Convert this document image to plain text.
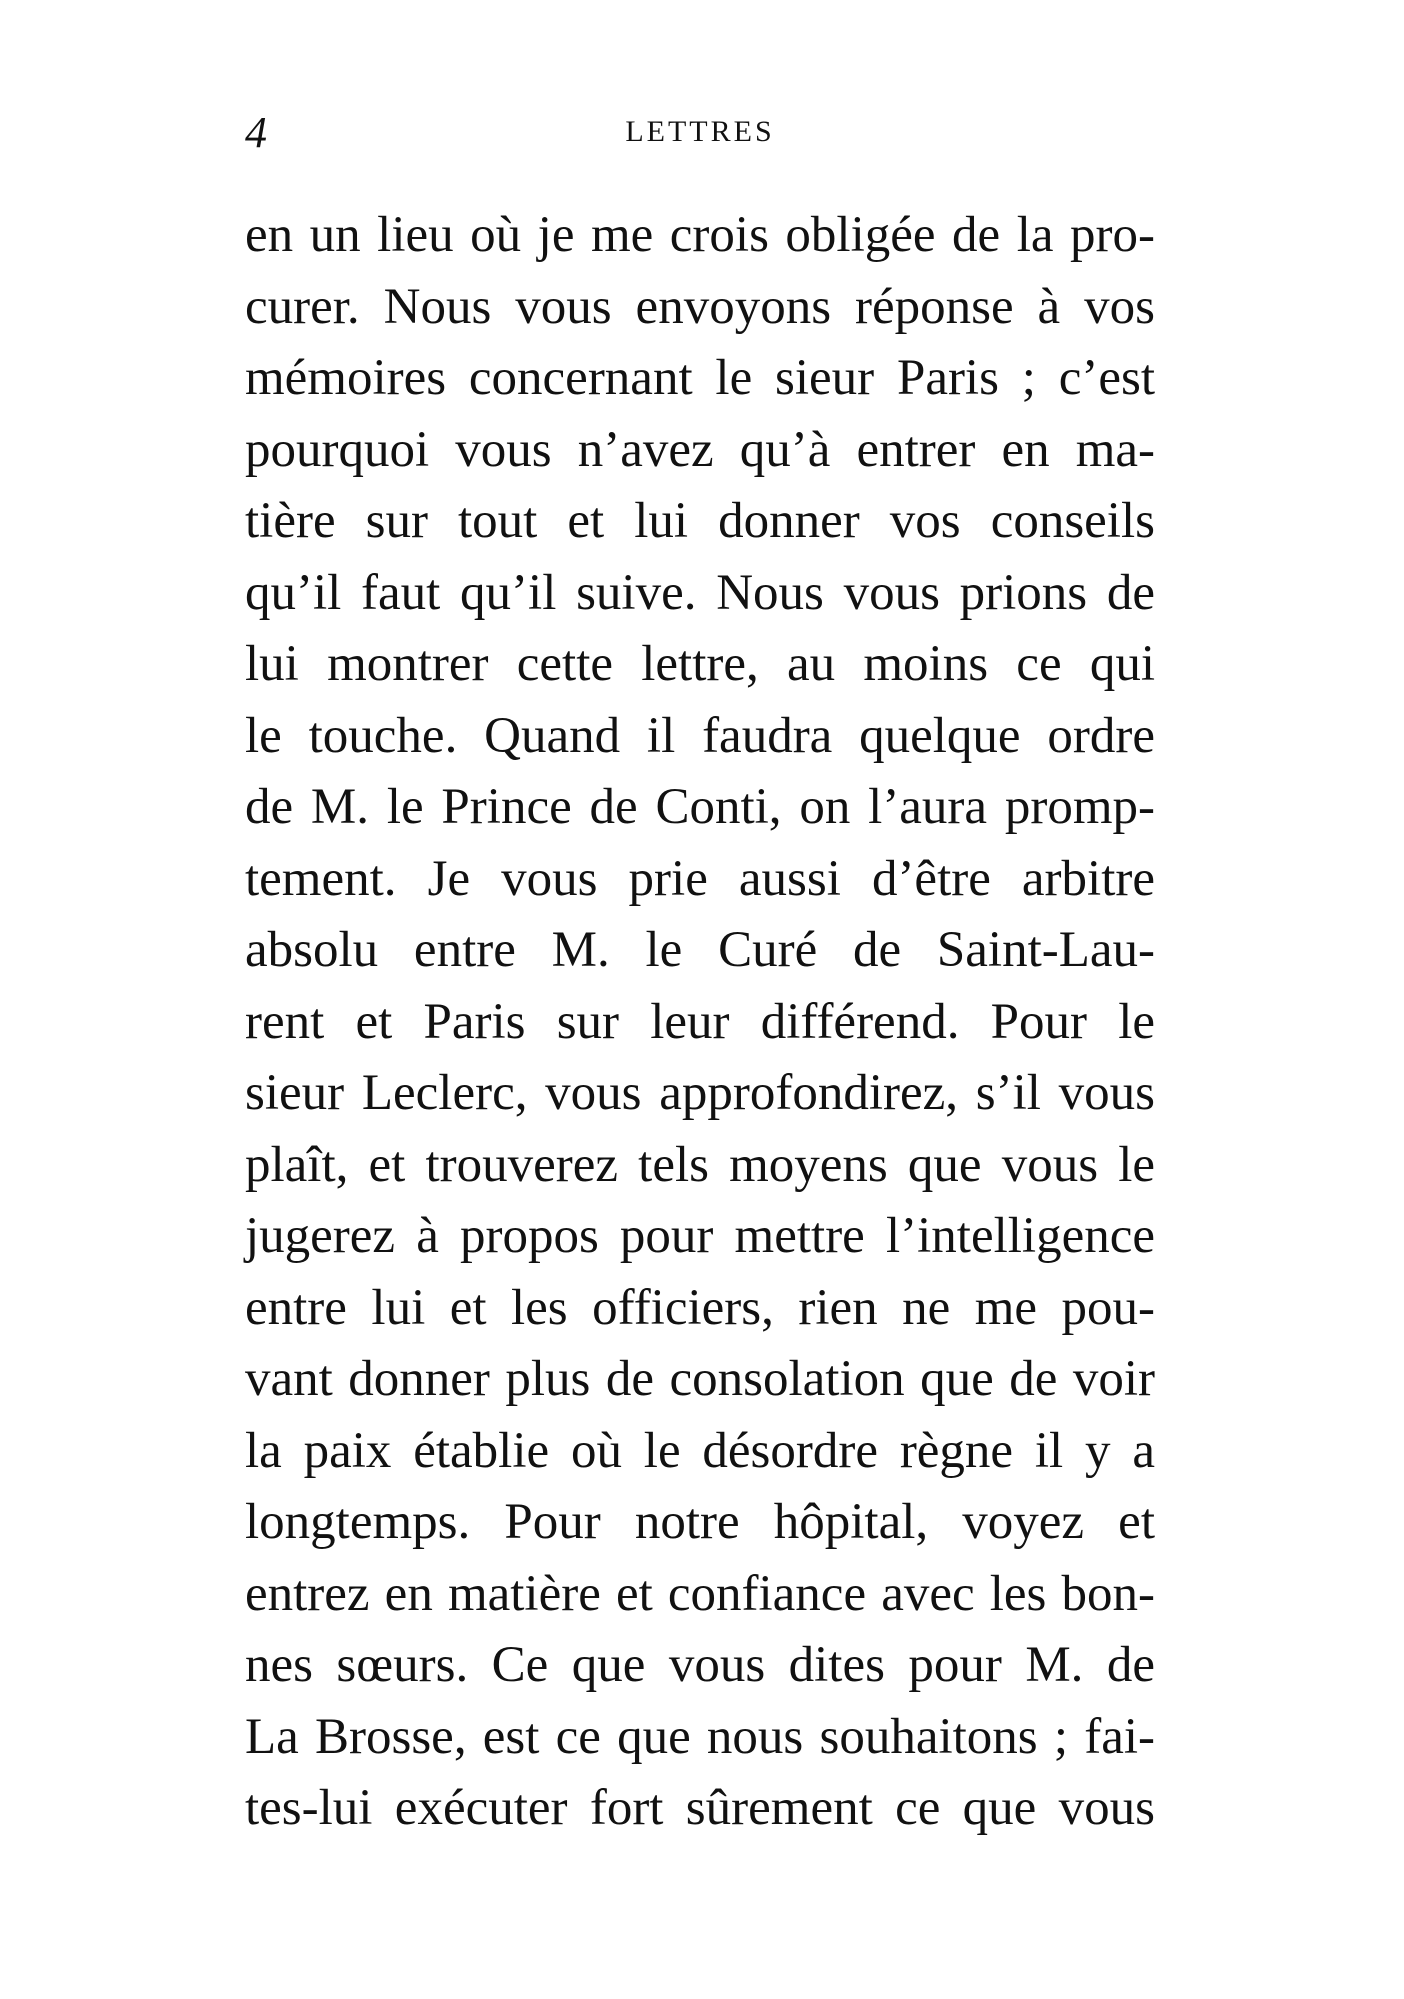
4	LETTRES
en un lieu où je me crois obligée de la pro-
curer. Nous vous envoyons réponse à vos
mémoires concernant le sieur Paris ; c’est
pourquoi vous n’avez qu’à entrer en ma-
tière sur tout et lui donner vos conseils
qu’il faut qu’il suive. Nous vous prions de
lui montrer cette lettre, au moins ce qui
le touche. Quand il faudra quelque ordre
de M. le Prince de Conti, on l’aura promp-
tement. Je vous prie aussi d’être arbitre
absolu entre M. le Curé de Saint-Lau-
rent et Paris sur leur différend. Pour le
sieur Leclerc, vous approfondirez, s’il vous
plaît, et trouverez tels moyens que vous le
jugerez à propos pour mettre l’intelligence
entre lui et les officiers, rien ne me pou-
vant donner plus de consolation que de voir
la paix établie où le désordre règne il y a
longtemps. Pour notre hôpital, voyez et
entrez en matière et confiance avec les bon-
nes sœurs. Ce que vous dites pour M. de
La Brosse, est ce que nous souhaitons ; fai-
tes-lui exécuter fort sûrement ce que vous
